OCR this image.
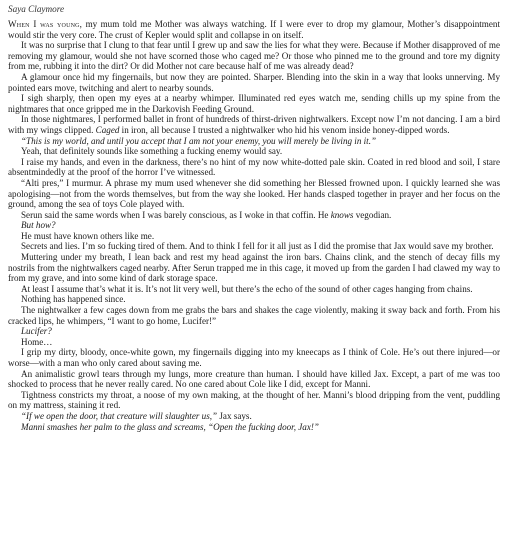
Saya Claymore

When I was young, my mum told me Mother was always watching. If I were ever to drop my glamour, Mother’s disappointment would stir the very core. The crust of Kepler would split and collapse in on itself.

It was no surprise that I clung to that fear until I grew up and saw the lies for what they were. Because if Mother disapproved of me removing my glamour, would she not have scorned those who caged me? Or those who pinned me to the ground and tore my dignity from me, rubbing it into the dirt? Or did Mother not care because half of me was already dead?

A glamour once hid my fingernails, but now they are pointed. Sharper. Blending into the skin in a way that looks unnerving. My pointed ears move, twitching and alert to nearby sounds.

I sigh sharply, then open my eyes at a nearby whimper. Illuminated red eyes watch me, sending chills up my spine from the nightmares that once gripped me in the Darkovish Feeding Ground.

In those nightmares, I performed ballet in front of hundreds of thirst-driven nightwalkers. Except now I’m not dancing. I am a bird with my wings clipped. Caged in iron, all because I trusted a nightwalker who hid his venom inside honey-dipped words.

“This is my world, and until you accept that I am not your enemy, you will merely be living in it.”

Yeah, that definitely sounds like something a fucking enemy would say.

I raise my hands, and even in the darkness, there’s no hint of my now white-dotted pale skin. Coated in red blood and soil, I stare absentmindedly at the proof of the horror I’ve witnessed.

“Alti pres,” I murmur. A phrase my mum used whenever she did something her Blessed frowned upon. I quickly learned she was apologising—not from the words themselves, but from the way she looked. Her hands clasped together in prayer and her focus on the ground, among the sea of toys Cole played with.

Serun said the same words when I was barely conscious, as I woke in that coffin. He knows vegodian.

But how?

He must have known others like me.

Secrets and lies. I’m so fucking tired of them. And to think I fell for it all just as I did the promise that Jax would save my brother.

Muttering under my breath, I lean back and rest my head against the iron bars. Chains clink, and the stench of decay fills my nostrils from the nightwalkers caged nearby. After Serun trapped me in this cage, it moved up from the garden I had clawed my way to from my grave, and into some kind of dark storage space.

At least I assume that’s what it is. It’s not lit very well, but there’s the echo of the sound of other cages hanging from chains.

Nothing has happened since.

The nightwalker a few cages down from me grabs the bars and shakes the cage violently, making it sway back and forth. From his cracked lips, he whimpers, “I want to go home, Lucifer!”

Lucifer?

Home…

I grip my dirty, bloody, once-white gown, my fingernails digging into my kneecaps as I think of Cole. He’s out there injured—or worse—with a man who only cared about saving me.

An animalistic growl tears through my lungs, more creature than human. I should have killed Jax. Except, a part of me was too shocked to process that he never really cared. No one cared about Cole like I did, except for Manni.

Tightness constricts my throat, a noose of my own making, at the thought of her. Manni’s blood dripping from the vent, puddling on my mattress, staining it red.

“If we open the door, that creature will slaughter us,” Jax says.

Manni smashes her palm to the glass and screams, “Open the fucking door, Jax!”
